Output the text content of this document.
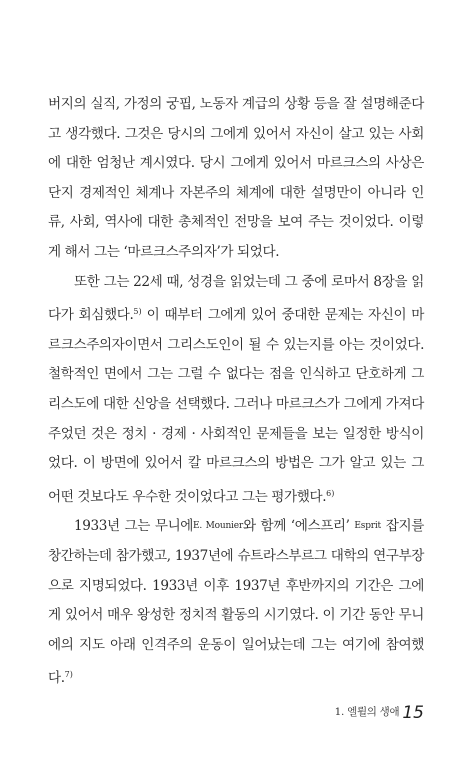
버지의 실직, 가정의 궁핍, 노동자 계급의 상황 등을 잘 설명해준다고 생각했다. 그것은 당시의 그에게 있어서 자신이 살고 있는 사회에 대한 엄청난 계시였다. 당시 그에게 있어서 마르크스의 사상은 단지 경제적인 체계나 자본주의 체계에 대한 설명만이 아니라 인류, 사회, 역사에 대한 총체적인 전망을 보여 주는 것이었다. 이렇게 해서 그는 ‘마르크스주의자’가 되었다.

또한 그는 22세 때, 성경을 읽었는데 그 중에 로마서 8장을 읽다가 회심했다.$^{5)}$ 이 때부터 그에게 있어 중대한 문제는 자신이 마르크스주의자이면서 그리스도인이 될 수 있는지를 아는 것이었다. 철학적인 면에서 그는 그럴 수 없다는 점을 인식하고 단호하게 그리스도에 대한 신앙을 선택했다. 그러나 마르크스가 그에게 가져다주었던 것은 정치 · 경제 · 사회적인 문제들을 보는 일정한 방식이었다. 이 방면에 있어서 칼 마르크스의 방법은 그가 알고 있는 그 어떤 것보다도 우수한 것이었다고 그는 평가했다.$^{6)}$

1933년 그는 무니에E. Mounier와 함께 ‘에스프리’ Esprit 잡지를 창간하는데 참가했고, 1937년에 슈트라스부르그 대학의 연구부장으로 지명되었다. 1933년 이후 1937년 후반까지의 기간은 그에게 있어서 매우 왕성한 정치적 활동의 시기였다. 이 기간 동안 무니에의 지도 아래 인격주의 운동이 일어났는데 그는 여기에 참여했다.$^{7)}$

1. 엘륄의 생애 15
